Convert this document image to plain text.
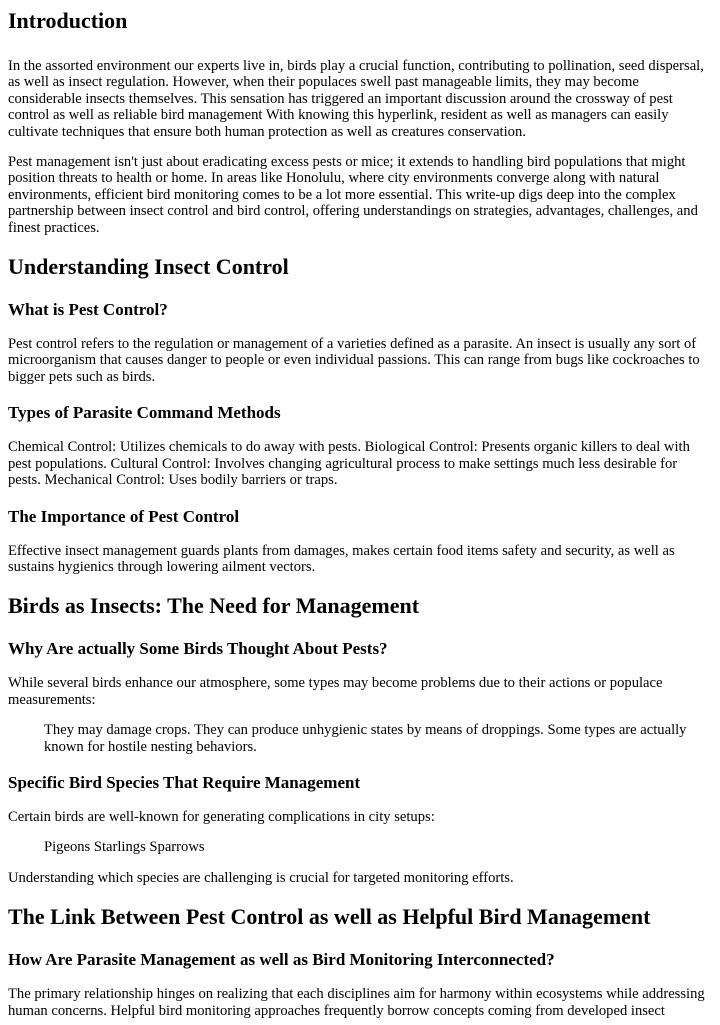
Introduction

In the assorted environment our experts live in, birds play a crucial function, contributing to pollination, seed dispersal, as well as insect regulation. However, when their populaces swell past manageable limits, they may become considerable insects themselves. This sensation has triggered an important discussion around the crossway of pest control as well as reliable bird management With knowing this hyperlink, resident as well as managers can easily cultivate techniques that ensure both human protection as well as creatures conservation.

Pest management isn't just about eradicating excess pests or mice; it extends to handling bird populations that might position threats to health or home. In areas like Honolulu, where city environments converge along with natural environments, efficient bird monitoring comes to be a lot more essential. This write-up digs deep into the complex partnership between insect control and bird control, offering understandings on strategies, advantages, challenges, and finest practices.

Understanding Insect Control
What is Pest Control?

Pest control refers to the regulation or management of a varieties defined as a parasite. An insect is usually any sort of microorganism that causes danger to people or even individual passions. This can range from bugs like cockroaches to bigger pets such as birds.

Types of Parasite Command Methods

Chemical Control: Utilizes chemicals to do away with pests. Biological Control: Presents organic killers to deal with pest populations. Cultural Control: Involves changing agricultural process to make settings much less desirable for pests. Mechanical Control: Uses bodily barriers or traps.

The Importance of Pest Control

Effective insect management guards plants from damages, makes certain food items safety and security, as well as sustains hygienics through lowering ailment vectors.

Birds as Insects: The Need for Management
Why Are actually Some Birds Thought About Pests?

While several birds enhance our atmosphere, some types may become problems due to their actions or populace measurements:

They may damage crops. They can produce unhygienic states by means of droppings. Some types are actually known for hostile nesting behaviors.
Specific Bird Species That Require Management

Certain birds are well-known for generating complications in city setups:

Pigeons Starlings Sparrows

Understanding which species are challenging is crucial for targeted monitoring efforts.

The Link Between Pest Control as well as Helpful Bird Management
How Are Parasite Management as well as Bird Monitoring Interconnected?

The primary relationship hinges on realizing that each disciplines aim for harmony within ecosystems while addressing human concerns. Helpful bird monitoring approaches frequently borrow concepts coming from developed insect
